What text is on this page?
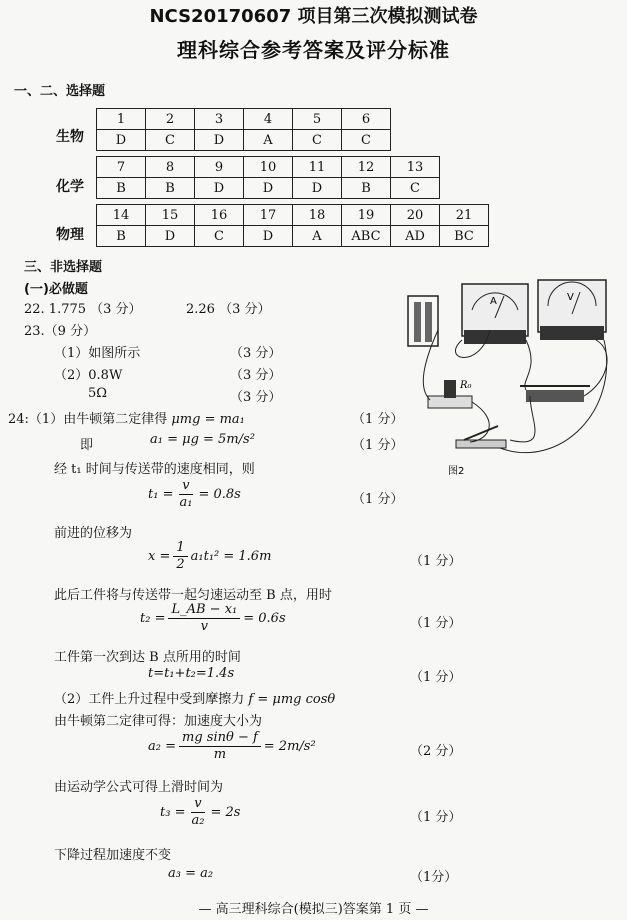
NCS20170607 项目第三次模拟测试卷
理科综合参考答案及评分标准
一、二、选择题
生物
1	2	3	4	5	6
D	C	D	A	C	C
化学
7	8	9	10	11	12	13
B	B	D	D	D	B	C
物理
14	15	16	17	18	19	20	21
B	D	C	D	A	ABC	AD	BC
三、非选择题
(一)必做题
22. 1.775 （3 分）	2.26 （3 分）
23.（9 分）
（1）如图所示	（3 分）
（2）0.8W	（3 分）
5Ω	（3 分）
A	V
R₀
图2
24:（1）由牛顿第二定律得 μmg = ma₁	（1 分）
即	a₁ = μg = 5m/s²	（1 分）
经 t₁ 时间与传送带的速度相同，则
$t_1 = \frac{v}{\text{a₁}} = 0.8s$	（1 分）
前进的位移为
$x = \frac{1}{2} a_1t_1^2 = 1.6m$	（1 分）
此后工件将与传送带一起匀速运动至 B 点，用时
$t_2 = \frac{\text{L\_AB − x₁}}{v} = 0.6s$	（1 分）
工件第一次到达 B 点所用的时间
t=t₁+t₂=1.4s	（1 分）
（2）工件上升过程中受到摩擦力 f = μmg cosθ
由牛顿第二定律可得：加速度大小为
$a_2 = \frac{\text{mg sinθ − f}}{m} = 2m/s^2$	（2 分）
由运动学公式可得上滑时间为
$t_3 = \frac{v}{\text{a₂}} = 2s$	（1 分）
下降过程加速度不变
a₃ = a₂	（1分）
— 高三理科综合(模拟三)答案第 1 页 —
